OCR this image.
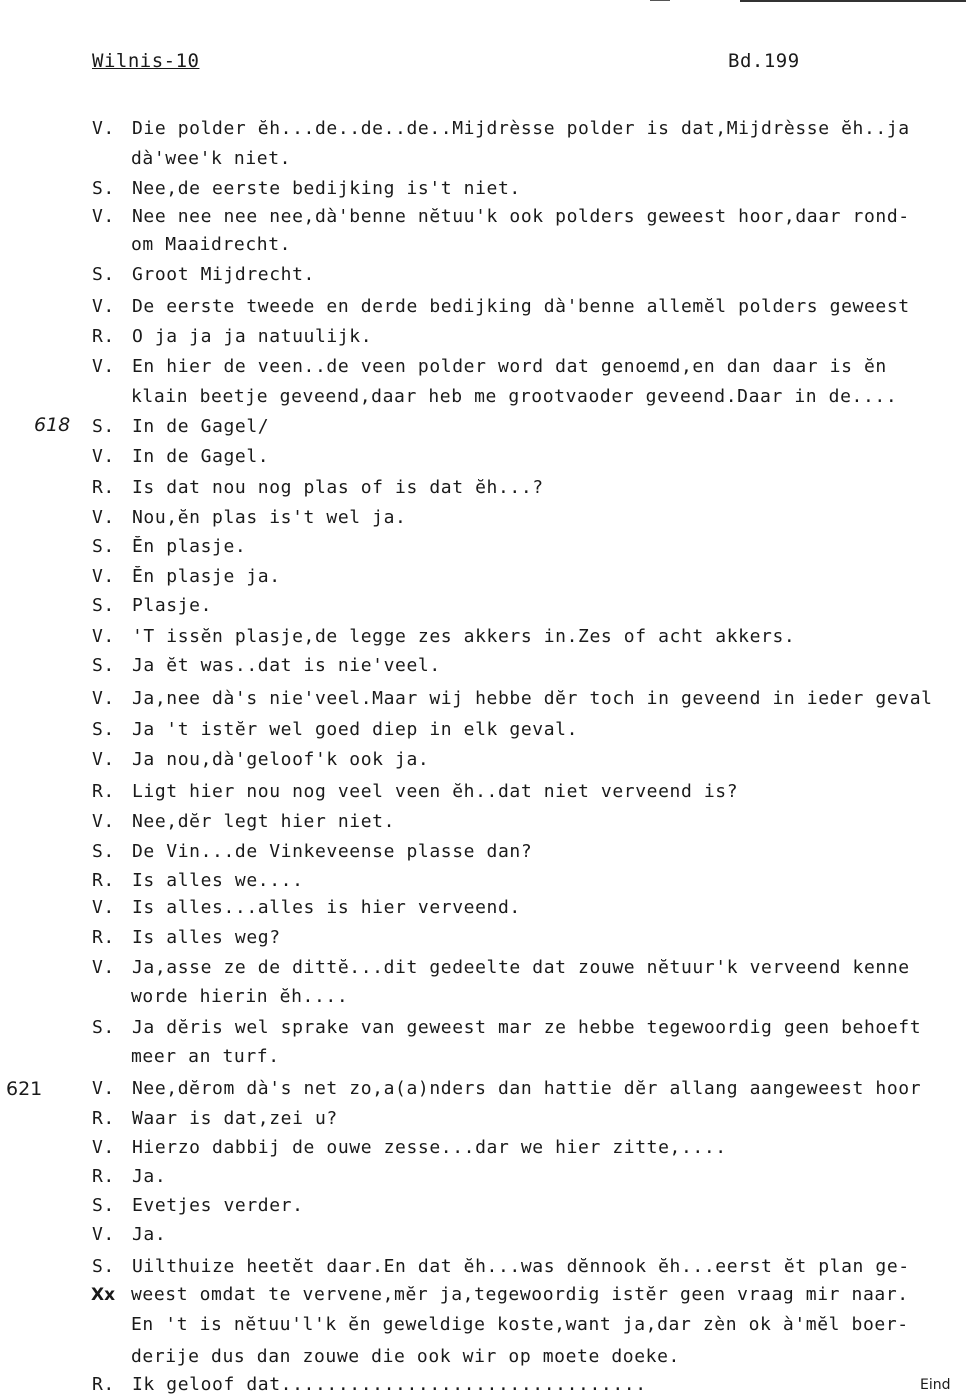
Wilnis-10	Bd.199
618
621
Xx
Eind
V. Die polder ĕh...de..de..de..Mijdrèsse polder is dat,Mijdrèsse ĕh..ja
dà'wee'k niet.
S. Nee,de eerste bedijking is't niet.
V. Nee nee nee nee,dà'benne nĕtuu'k ook polders geweest hoor,daar rond-
om Maaidrecht.
S. Groot Mijdrecht.
V. De eerste tweede en derde bedijking dà'benne allemĕl polders geweest
R. O ja ja ja natuulijk.
V. En hier de veen..de veen polder word dat genoemd,en dan daar is ĕn
klain beetje geveend,daar heb me grootvaoder geveend.Daar in de....
S. In de Gagel/
V. In de Gagel.
R. Is dat nou nog plas of is dat ĕh...?
V. Nou,ĕn plas is't wel ja.
S. Ĕn plasje.
V. Ĕn plasje ja.
S. Plasje.
V. 'T issĕn plasje,de legge zes akkers in.Zes of acht akkers.
S. Ja ĕt was..dat is nie'veel.
V. Ja,nee dà's nie'veel.Maar wij hebbe dĕr toch in geveend in ieder geval
S. Ja 't istĕr wel goed diep in elk geval.
V. Ja nou,dà'geloof'k ook ja.
R. Ligt hier nou nog veel veen ĕh..dat niet verveend is?
V. Nee,dĕr legt hier niet.
S. De Vin...de Vinkeveense plasse dan?
R. Is alles we....
V. Is alles...alles is hier verveend.
R. Is alles weg?
V. Ja,asse ze de dittĕ...dit gedeelte dat zouwe nĕtuur'k verveend kenne
worde hierin ĕh....
S. Ja dĕris wel sprake van geweest mar ze hebbe tegewoordig geen behoeft
meer an turf.
V. Nee,dĕrom dà's net zo,a(a)nders dan hattie dĕr allang aangeweest hoor
R. Waar is dat,zei u?
V. Hierzo dabbij de ouwe zesse...dar we hier zitte,....
R. Ja.
S. Evetjes verder.
V. Ja.
S. Uilthuize heetĕt daar.En dat ĕh...was dĕnnook ĕh...eerst ĕt plan ge-
weest omdat te vervene,mĕr ja,tegewoordig istĕr geen vraag mir naar.
En 't is nĕtuu'l'k ĕn geweldige koste,want ja,dar zèn ok à'mĕl boer-
derije dus dan zouwe die ook wir op moete doeke.
R. Ik geloof dat................................
